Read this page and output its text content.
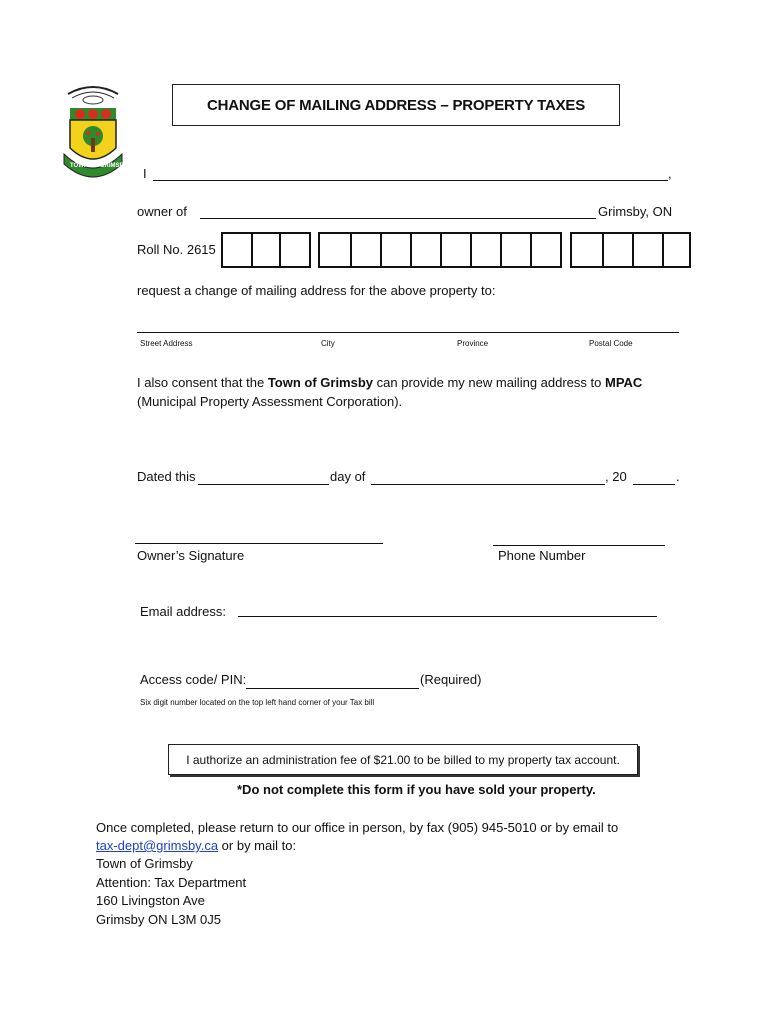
TOWN OF GRIMSBY
CHANGE OF MAILING ADDRESS – PROPERTY TAXES
I	,
owner of	Grimsby, ON
Roll No. 2615
request a change of mailing address for the above property to:
Street Address	City	Province	Postal Code
I also consent that the Town of Grimsby can provide my new mailing address to MPAC
(Municipal Property Assessment Corporation).
Dated this	day of	, 20	.
Owner’s Signature	Phone Number
Email address:
Access code/ PIN:	(Required)
Six digit number located on the top left hand corner of your Tax bill
I authorize an administration fee of $21.00 to be billed to my property tax account.
*Do not complete this form if you have sold your property.
Once completed, please return to our office in person, by fax (905) 945-5010 or by email to
tax-dept@grimsby.ca or by mail to:
Town of Grimsby
Attention: Tax Department
160 Livingston Ave
Grimsby ON L3M 0J5
